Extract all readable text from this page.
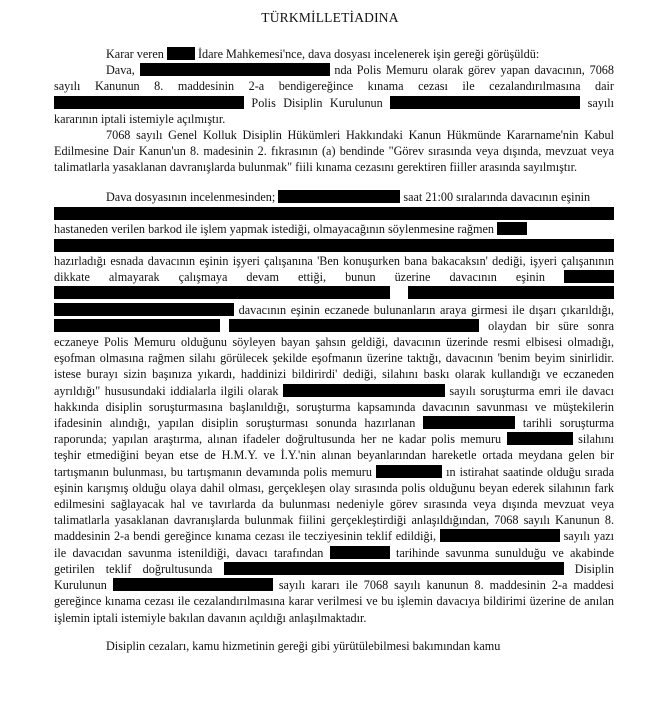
TÜRKMİLLETİADINA

Karar veren	İdare Mahkemesi'nce, dava dosyası incelenerek işin gereği görüşüldü:

Dava,	nda Polis Memuru olarak görev yapan davacının, 7068 sayılı Kanunun 8. maddesinin 2-a bendigereğince kınama cezası ile cezalandırılmasına dair  Polis Disiplin Kurulunun	sayılı kararının iptali istemiyle açılmıştır.

7068 sayılı Genel Kolluk Disiplin Hükümleri Hakkındaki Kanun Hükmünde Kararname'nin Kabul Edilmesine Dair Kanun'un 8. madesinin 2. fıkrasının (a) bendinde "Görev sırasında veya dışında, mevzuat veya talimatlarla yasaklanan davranışlarda bulunmak" fiili kınama cezasını gerektiren fiiller arasında sayılmıştır.

Dava dosyasının incelenmesinden;	saat 21:00 sıralarında davacının eşinin
hastaneden verilen barkod ile işlem yapmak istediği, olmayacağının söylenmesine rağmen
hazırladığı esnada davacının eşinin işyeri çalışanına 'Ben konuşurken bana bakacaksın' dediği, işyeri çalışanının dikkate almayarak çalışmaya devam ettiği, bunun üzerine davacının eşinin     davacının eşinin eczanede bulunanların araya girmesi ile dışarı çıkarıldığı,   olaydan bir süre sonra eczaneye Polis Memuru olduğunu söyleyen bayan şahsın geldiği, davacının üzerinde resmi elbisesi olmadığı, eşofman olmasına rağmen silahı görülecek şekilde eşofmanın üzerine taktığı, davacının 'benim beyim sinirlidir. istese burayı sizin başınıza yıkardı, haddinizi bildirirdi' dediği, silahını baskı olarak kullandığı ve eczaneden ayrıldığı" hususundaki iddialarla ilgili olarak	sayılı soruşturma emri ile davacı hakkında disiplin soruşturmasına başlanıldığı, soruşturma kapsamında davacının savunması ve müştekilerin ifadesinin alındığı, yapılan disiplin soruşturması sonunda hazırlanan	tarihli soruşturma raporunda; yapılan araştırma, alınan ifadeler doğrultusunda her ne kadar polis memuru	silahını teşhir etmediğini beyan etse de H.M.Y. ve İ.Y.'nin alınan beyanlarından hareketle ortada meydana gelen bir tartışmanın bulunması, bu tartışmanın devamında polis memuru	ın istirahat saatinde olduğu sırada eşinin karışmış olduğu olaya dahil olması, gerçekleşen olay sırasında polis olduğunu beyan ederek silahının fark edilmesini sağlayacak hal ve tavırlarda da bulunması nedeniyle görev sırasında veya dışında mevzuat veya talimatlarla yasaklanan davranışlarda bulunmak fiilini gerçekleştirdiği anlaşıldığından, 7068 sayılı Kanunun 8. maddesinin 2-a bendi gereğince kınama cezası ile tecziyesinin teklif edildiği,	sayılı yazı ile davacıdan savunma istenildiği, davacı tarafından	tarihinde savunma sunulduğu ve akabinde getirilen teklif doğrultusunda	Disiplin Kurulunun	sayılı kararı ile 7068 sayılı kanunun 8. maddesinin 2-a maddesi gereğince kınama cezası ile cezalandırılmasına karar verilmesi ve bu işlemin davacıya bildirimi üzerine de anılan işlemin iptali istemiyle bakılan davanın açıldığı anlaşılmaktadır.

Disiplin cezaları, kamu hizmetinin gereği gibi yürütülebilmesi bakımından kamu
